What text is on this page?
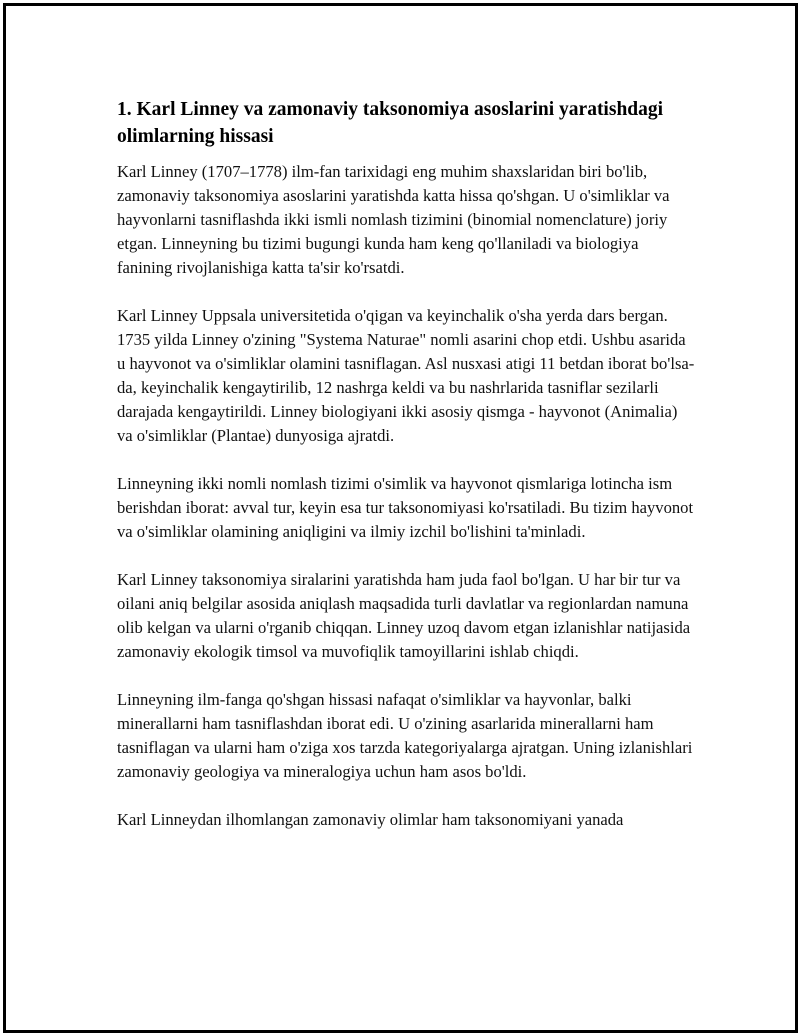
1. Karl Linney va zamonaviy taksonomiya asoslarini yaratishdagi olimlarning hissasi

Karl Linney (1707–1778) ilm-fan tarixidagi eng muhim shaxslaridan biri bo'lib, zamonaviy taksonomiya asoslarini yaratishda katta hissa qo'shgan. U o'simliklar va hayvonlarni tasniflashda ikki ismli nomlash tizimini (binomial nomenclature) joriy etgan. Linneyning bu tizimi bugungi kunda ham keng qo'llaniladi va biologiya fanining rivojlanishiga katta ta'sir ko'rsatdi.

Karl Linney Uppsala universitetida o'qigan va keyinchalik o'sha yerda dars bergan. 1735 yilda Linney o'zining "Systema Naturae" nomli asarini chop etdi. Ushbu asarida u hayvonot va o'simliklar olamini tasniflagan. Asl nusxasi atigi 11 betdan iborat bo'lsa-da, keyinchalik kengaytirilib, 12 nashrga keldi va bu nashrlarida tasniflar sezilarli darajada kengaytirildi. Linney biologiyani ikki asosiy qismga - hayvonot (Animalia) va o'simliklar (Plantae) dunyosiga ajratdi.

Linneyning ikki nomli nomlash tizimi o'simlik va hayvonot qismlariga lotincha ism berishdan iborat: avval tur, keyin esa tur taksonomiyasi ko'rsatiladi. Bu tizim hayvonot va o'simliklar olamining aniqligini va ilmiy izchil bo'lishini ta'minladi.

Karl Linney taksonomiya siralarini yaratishda ham juda faol bo'lgan. U har bir tur va oilani aniq belgilar asosida aniqlash maqsadida turli davlatlar va regionlardan namuna olib kelgan va ularni o'rganib chiqqan. Linney uzoq davom etgan izlanishlar natijasida zamonaviy ekologik timsol va muvofiqlik tamoyillarini ishlab chiqdi.

Linneyning ilm-fanga qo'shgan hissasi nafaqat o'simliklar va hayvonlar, balki minerallarni ham tasniflashdan iborat edi. U o'zining asarlarida minerallarni ham tasniflagan va ularni ham o'ziga xos tarzda kategoriyalarga ajratgan. Uning izlanishlari zamonaviy geologiya va mineralogiya uchun ham asos bo'ldi.

Karl Linneydan ilhomlangan zamonaviy olimlar ham taksonomiyani yanada
